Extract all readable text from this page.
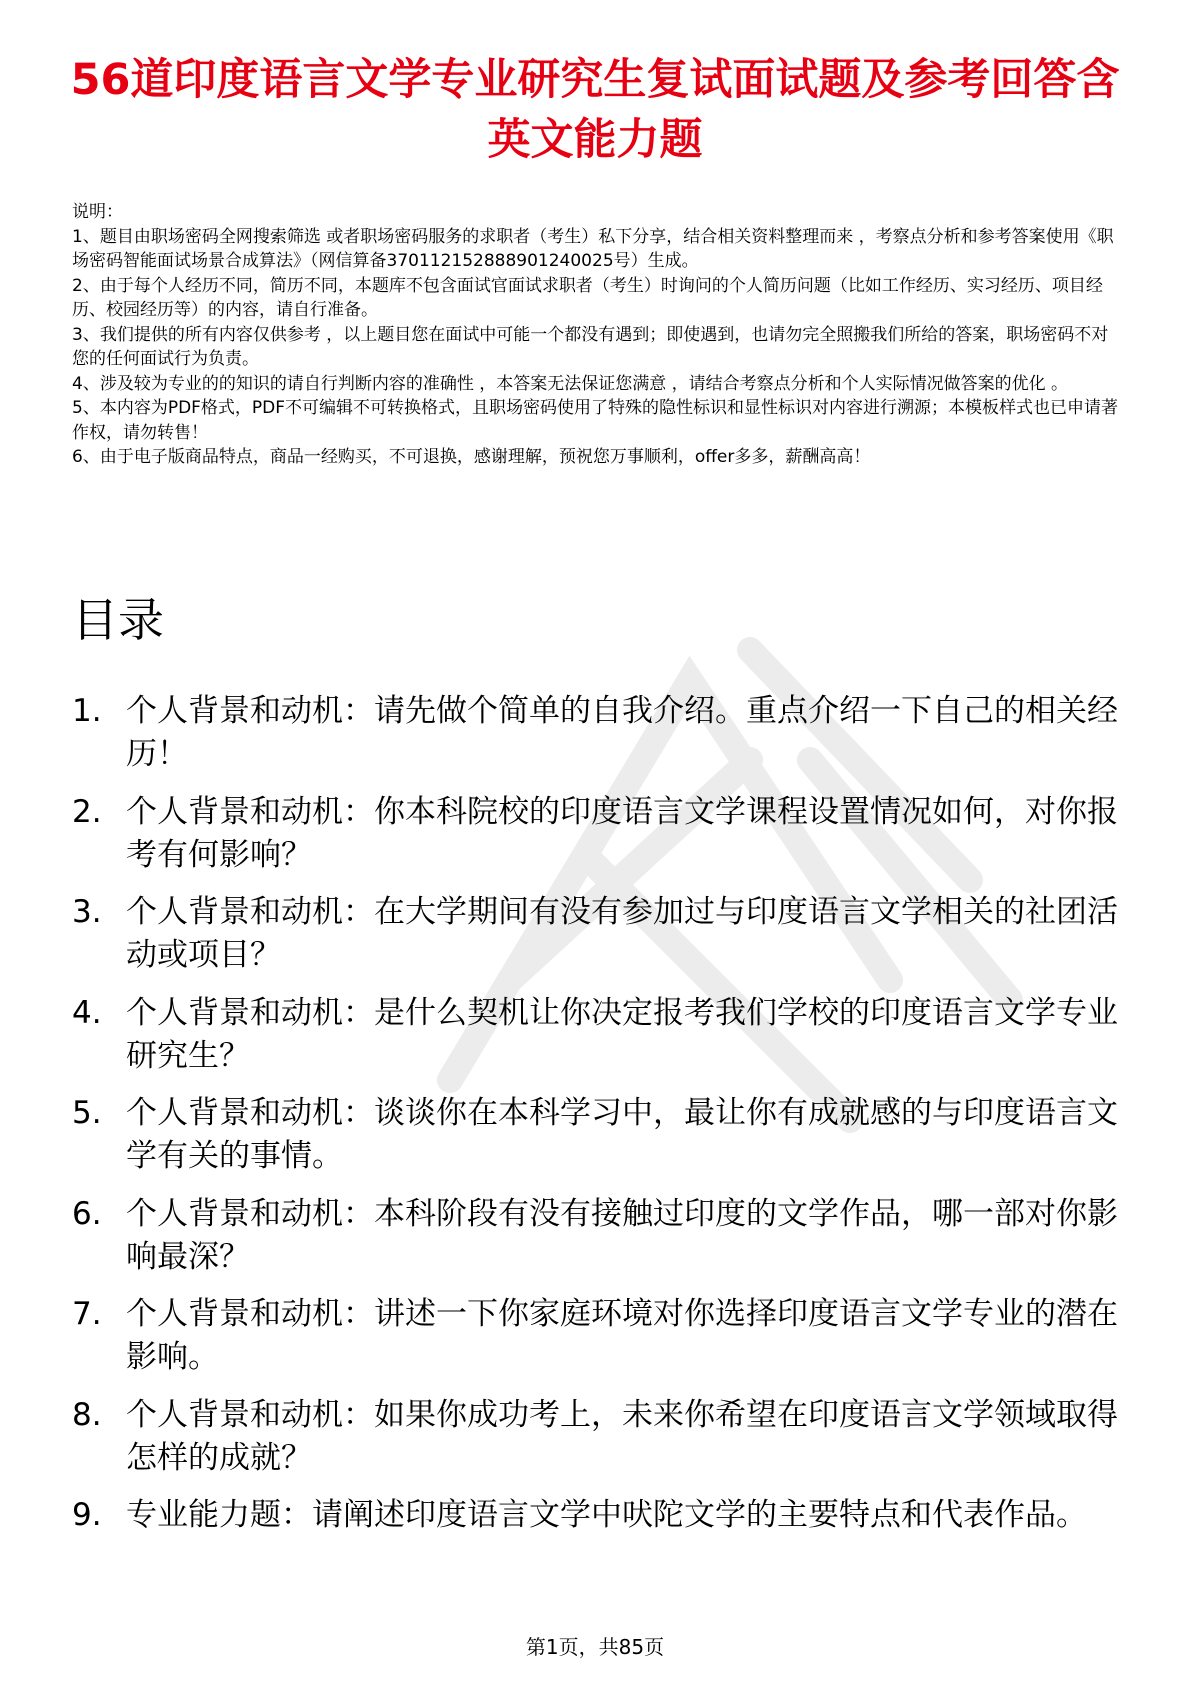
56道印度语言文学专业研究生复试面试题及参考回答含英文能力题

说明：

1、题目由职场密码全网搜索筛选 或者职场密码服务的求职者（考生）私下分享，结合相关资料整理而来 ，考察点分析和参考答案使用《职场密码智能面试场景合成算法》（网信算备370112152888901240025号）生成。

2、由于每个人经历不同，简历不同，本题库不包含面试官面试求职者（考生）时询问的个人简历问题（比如工作经历、实习经历、项目经历、校园经历等）的内容，请自行准备。

3、我们提供的所有内容仅供参考 ，以上题目您在面试中可能一个都没有遇到；即使遇到，也请勿完全照搬我们所给的答案，职场密码不对您的任何面试行为负责。

4、涉及较为专业的的知识的请自行判断内容的准确性 ，本答案无法保证您满意 ，请结合考察点分析和个人实际情况做答案的优化 。

5、本内容为PDF格式，PDF不可编辑不可转换格式，且职场密码使用了特殊的隐性标识和显性标识对内容进行溯源；本模板样式也已申请著作权，请勿转售！

6、由于电子版商品特点，商品一经购买，不可退换，感谢理解，预祝您万事顺利，offer多多，薪酬高高！

目录
1. 个人背景和动机：请先做个简单的自我介绍。重点介绍一下自己的相关经历！
2. 个人背景和动机：你本科院校的印度语言文学课程设置情况如何，对你报考有何影响？
3. 个人背景和动机：在大学期间有没有参加过与印度语言文学相关的社团活动或项目？
4. 个人背景和动机：是什么契机让你决定报考我们学校的印度语言文学专业研究生？
5. 个人背景和动机：谈谈你在本科学习中，最让你有成就感的与印度语言文学有关的事情。
6. 个人背景和动机：本科阶段有没有接触过印度的文学作品，哪一部对你影响最深？
7. 个人背景和动机：讲述一下你家庭环境对你选择印度语言文学专业的潜在影响。
8. 个人背景和动机：如果你成功考上，未来你希望在印度语言文学领域取得怎样的成就？
9. 专业能力题：请阐述印度语言文学中吠陀文学的主要特点和代表作品。
第1页，共85页
